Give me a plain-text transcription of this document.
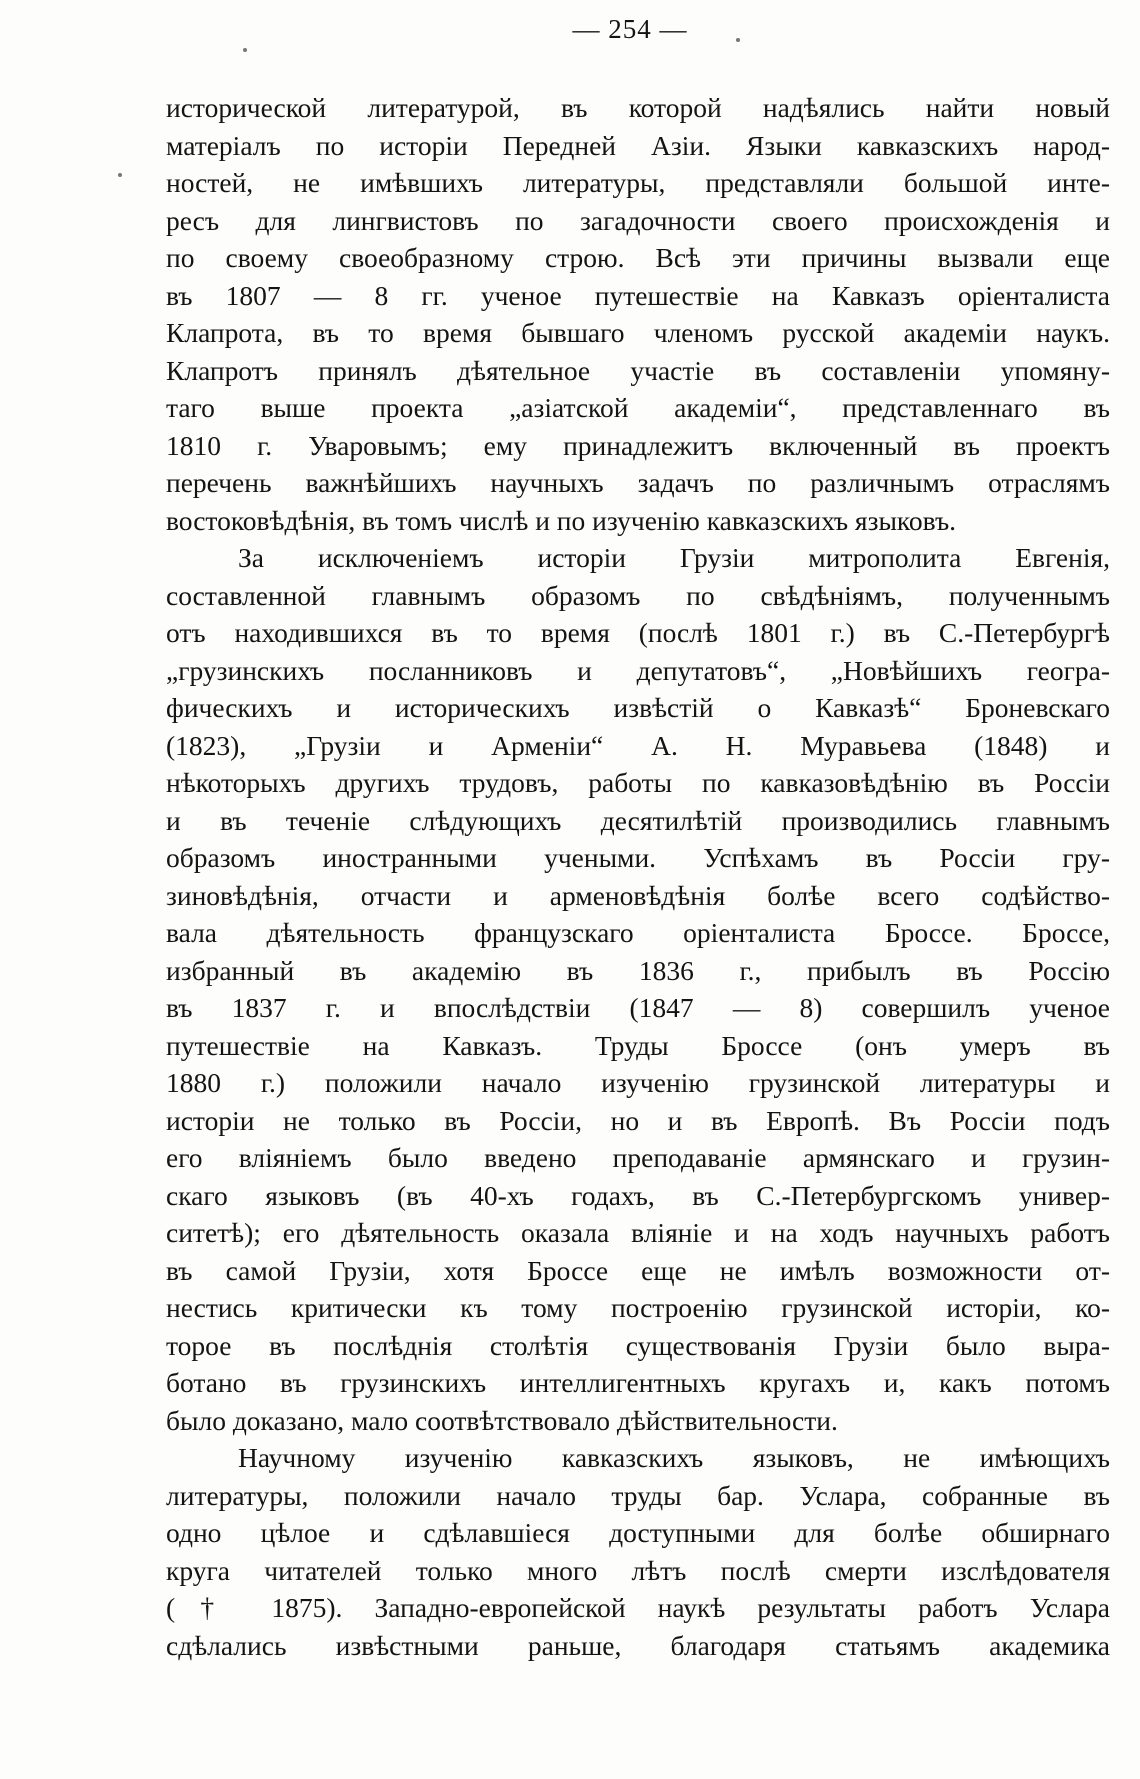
— 254 —
исторической литературой, въ которой надѣялись найти новый
матеріалъ по исторіи Передней Азіи. Языки кавказскихъ народ-
ностей, не имѣвшихъ литературы, представляли большой инте-
ресъ для лингвистовъ по загадочности своего происхожденія и
по своему своеобразному строю. Всѣ эти причины вызвали еще
въ 1807 — 8 гг. ученое путешествіе на Кавказъ оріенталиста
Клапрота, въ то время бывшаго членомъ русской академіи наукъ.
Клапротъ принялъ дѣятельное участіе въ составленіи упомяну-
таго выше проекта „азіатской академіи“, представленнаго въ
1810 г. Уваровымъ; ему принадлежитъ включенный въ проектъ
перечень важнѣйшихъ научныхъ задачъ по различнымъ отраслямъ
востоковѣдѣнія, въ томъ числѣ и по изученію кавказскихъ языковъ.
За исключеніемъ исторіи Грузіи митрополита Евгенія,
составленной главнымъ образомъ по свѣдѣніямъ, полученнымъ
отъ находившихся въ то время (послѣ 1801 г.) въ С.-Петербургѣ
„грузинскихъ посланниковъ и депутатовъ“, „Новѣйшихъ геогра-
фическихъ и историческихъ извѣстій о Кавказѣ“ Броневскаго
(1823), „Грузіи и Арменіи“ А. Н. Муравьева (1848) и
нѣкоторыхъ другихъ трудовъ, работы по кавказовѣдѣнію въ Россіи
и въ теченіе слѣдующихъ десятилѣтій производились главнымъ
образомъ иностранными учеными. Успѣхамъ въ Россіи гру-
зиновѣдѣнія, отчасти и арменовѣдѣнія болѣе всего содѣйство-
вала дѣятельность французскаго оріенталиста Броссе. Броссе,
избранный въ академію въ 1836 г., прибылъ въ Россію
въ 1837 г. и впослѣдствіи (1847 — 8) совершилъ ученое
путешествіе на Кавказъ. Труды Броссе (онъ умеръ въ
1880 г.) положили начало изученію грузинской литературы и
исторіи не только въ Россіи, но и въ Европѣ. Въ Россіи подъ
его вліяніемъ было введено преподаваніе армянскаго и грузин-
скаго языковъ (въ 40-хъ годахъ, въ С.-Петербургскомъ универ-
ситетѣ); его дѣятельность оказала вліяніе и на ходъ научныхъ работъ
въ самой Грузіи, хотя Броссе еще не имѣлъ возможности от-
нестись критически къ тому построенію грузинской исторіи, ко-
торое въ послѣднія столѣтія существованія Грузіи было выра-
ботано въ грузинскихъ интеллигентныхъ кругахъ и, какъ потомъ
было доказано, мало соотвѣтствовало дѣйствительности.
Научному изученію кавказскихъ языковъ, не имѣющихъ
литературы, положили начало труды бар. Услара, собранные въ
одно цѣлое и сдѣлавшіеся доступными для болѣе обширнаго
круга читателей только много лѣтъ послѣ смерти изслѣдователя
(† 1875). Западно-европейской наукѣ результаты работъ Услара
сдѣлались извѣстными раньше, благодаря статьямъ академика
